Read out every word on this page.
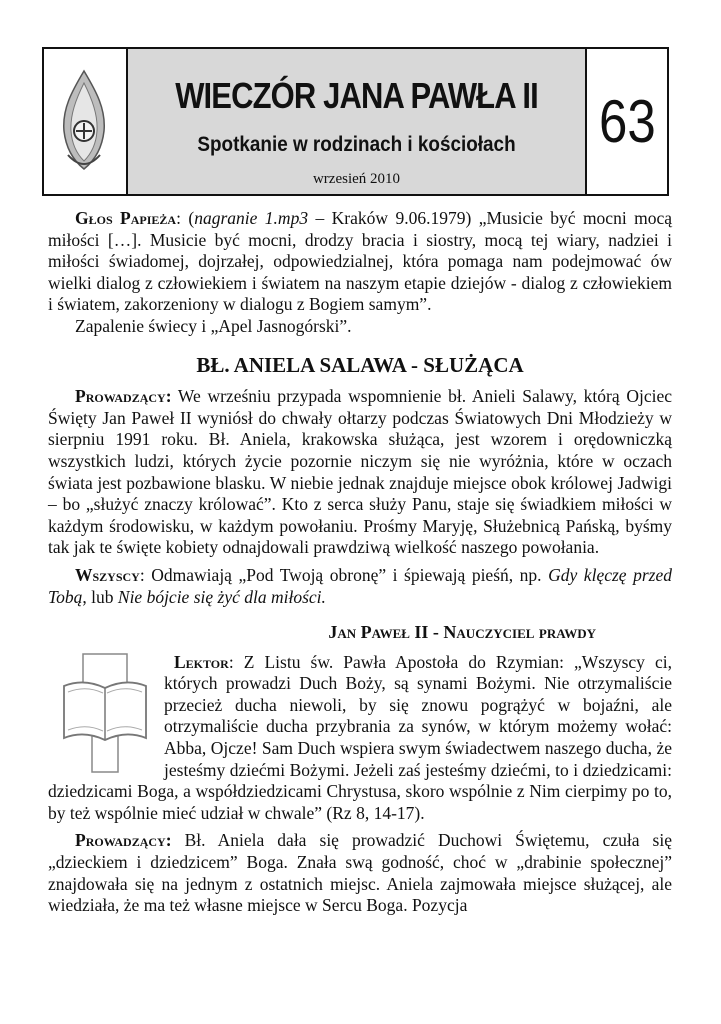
WIECZÓR JANA PAWŁA II
Spotkanie w rodzinach i kościołach
wrzesień 2010
63

Głos Papieża: (nagranie 1.mp3 – Kraków 9.06.1979) „Musicie być mocni mocą miłości […]. Musicie być mocni, drodzy bracia i siostry, mocą tej wiary, nadziei i miłości świadomej, dojrzałej, odpowiedzialnej, która pomaga nam podejmować ów wielki dialog z człowiekiem i światem na naszym etapie dziejów - dialog z człowiekiem i światem, zakorzeniony w dialogu z Bogiem samym”.

Zapalenie świecy i „Apel Jasnogórski”.

BŁ. ANIELA SALAWA - SŁUŻĄCA

Prowadzący: We wrześniu przypada wspomnienie bł. Anieli Salawy, którą Ojciec Święty Jan Paweł II wyniósł do chwały ołtarzy podczas Światowych Dni Młodzieży w sierpniu 1991 roku. Bł. Aniela, krakowska służąca, jest wzorem i orędowniczką wszystkich ludzi, których życie pozornie niczym się nie wyróżnia, które w oczach świata jest pozbawione blasku. W niebie jednak znajduje miejsce obok królowej Jadwigi – bo „służyć znaczy królować”. Kto z serca służy Panu, staje się świadkiem miłości w każdym środowisku, w każdym powołaniu. Prośmy Maryję, Służebnicą Pańską, byśmy tak jak te święte kobiety odnajdowali prawdziwą wielkość naszego powołania.

Wszyscy: Odmawiają „Pod Twoją obronę” i śpiewają pieśń, np. Gdy klęczę przed Tobą, lub Nie bójcie się żyć dla miłości.

Jan Paweł II - Nauczyciel prawdy

Lektor: Z Listu św. Pawła Apostoła do Rzymian: „Wszyscy ci, których prowadzi Duch Boży, są synami Bożymi. Nie otrzymaliście przecież ducha niewoli, by się znowu pogrążyć w bojaźni, ale otrzymaliście ducha przybrania za synów, w którym możemy wołać: Abba, Ojcze! Sam Duch wspiera swym świadectwem naszego ducha, że jesteśmy dziećmi Bożymi. Jeżeli zaś jesteśmy dziećmi, to i dziedzicami: dziedzicami Boga, a współdziedzicami Chrystusa, skoro wspólnie z Nim cierpimy po to, by też wspólnie mieć udział w chwale” (Rz 8, 14-17).

Prowadzący: Bł. Aniela dała się prowadzić Duchowi Świętemu, czuła się „dzieckiem i dziedzicem” Boga. Znała swą godność, choć w „drabinie społecznej” znajdowała się na jednym z ostatnich miejsc. Aniela zajmowała miejsce służącej, ale wiedziała, że ma też własne miejsce w Sercu Boga. Pozycja
